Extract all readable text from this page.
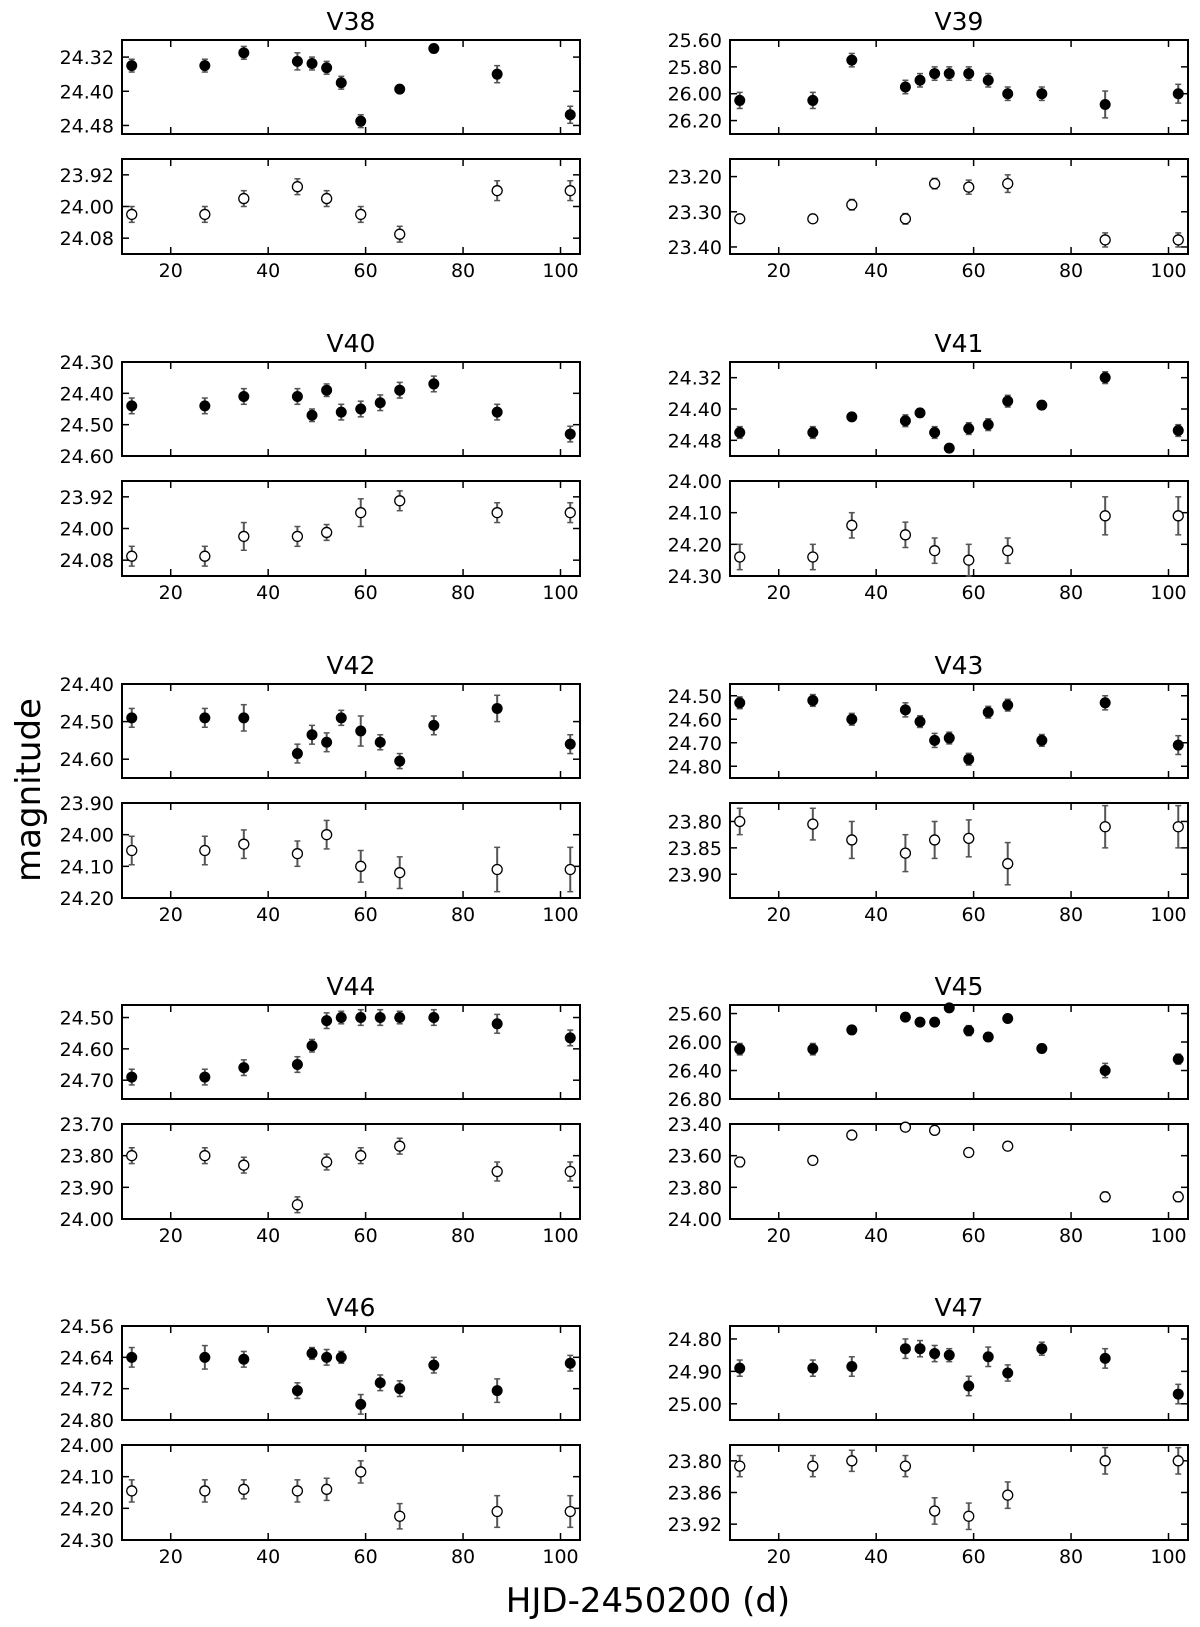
magnitude
HJD-2450200 (d)
V38
24.32
24.40
24.48
20	40	60	80	100
23.92
24.00
24.08
V39
25.60
25.80
26.00
26.20
20	40	60	80	100
23.20
23.30
23.40
V40
24.30
24.40
24.50
24.60
20	40	60	80	100
23.92
24.00
24.08
V41
24.32
24.40
24.48
20	40	60	80	100
24.00
24.10
24.20
24.30
V42
24.40
24.50
24.60
20	40	60	80	100
23.90
24.00
24.10
24.20
V43
24.50
24.60
24.70
24.80
20	40	60	80	100
23.80
23.85
23.90
V44
24.50
24.60
24.70
20	40	60	80	100
23.70
23.80
23.90
24.00
V45
25.60
26.00
26.40
26.80
20	40	60	80	100
23.40
23.60
23.80
24.00
V46
24.56
24.64
24.72
24.80
20	40	60	80	100
24.00
24.10
24.20
24.30
V47
24.80
24.90
25.00
20	40	60	80	100
23.80
23.86
23.92
